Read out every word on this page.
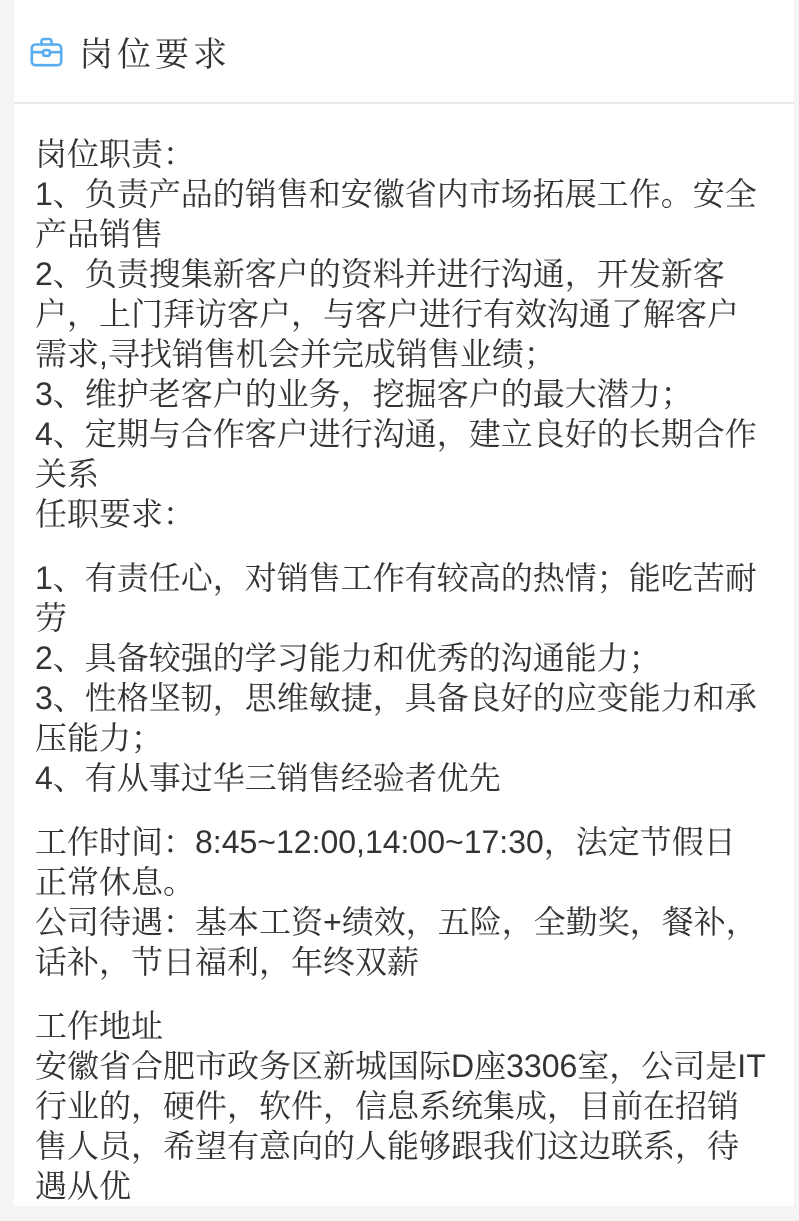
岗位要求
岗位职责：
1、负责产品的销售和安徽省内市场拓展工作。安全
产品销售
2、负责搜集新客户的资料并进行沟通，开发新客
户，上门拜访客户，与客户进行有效沟通了解客户
需求,寻找销售机会并完成销售业绩；
3、维护老客户的业务，挖掘客户的最大潜力；
4、定期与合作客户进行沟通，建立良好的长期合作
关系
任职要求：
1、有责任心，对销售工作有较高的热情；能吃苦耐
劳
2、具备较强的学习能力和优秀的沟通能力；
3、性格坚韧，思维敏捷，具备良好的应变能力和承
压能力；
4、有从事过华三销售经验者优先
工作时间：8:45~12:00,14:00~17:30，法定节假日
正常休息。
公司待遇：基本工资+绩效，五险，全勤奖，餐补，
话补，节日福利，年终双薪
工作地址
安徽省合肥市政务区新城国际D座3306室，公司是IT
行业的，硬件，软件，信息系统集成，目前在招销
售人员，希望有意向的人能够跟我们这边联系，待
遇从优
